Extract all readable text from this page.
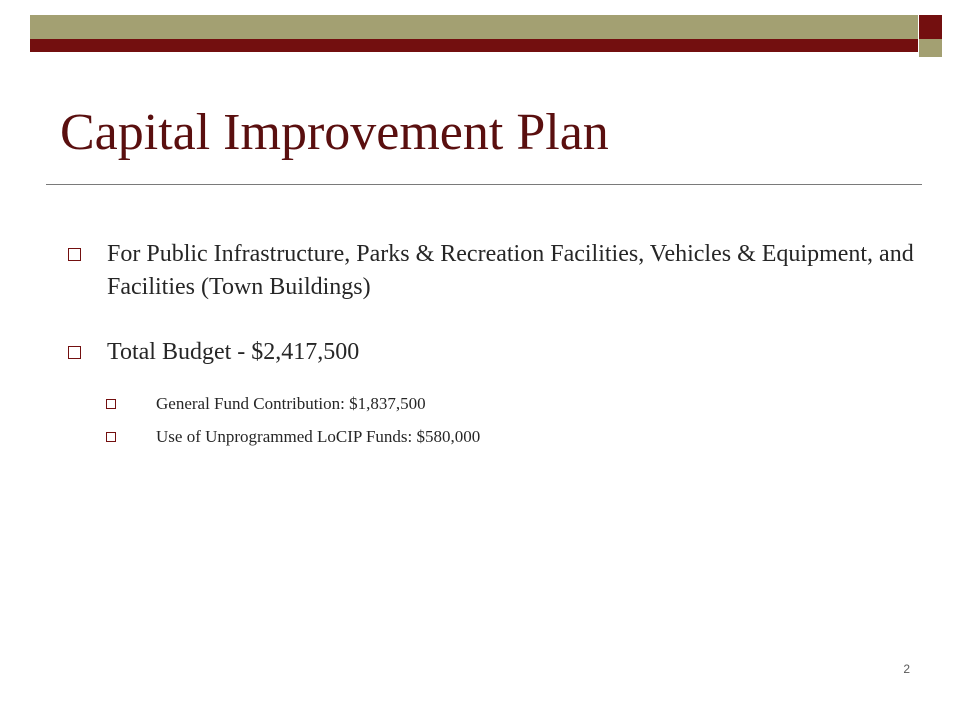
Capital Improvement Plan
For Public Infrastructure, Parks & Recreation Facilities, Vehicles & Equipment, and Facilities (Town Buildings)
Total Budget - $2,417,500
General Fund Contribution: $1,837,500
Use of Unprogrammed LoCIP Funds: $580,000
2
